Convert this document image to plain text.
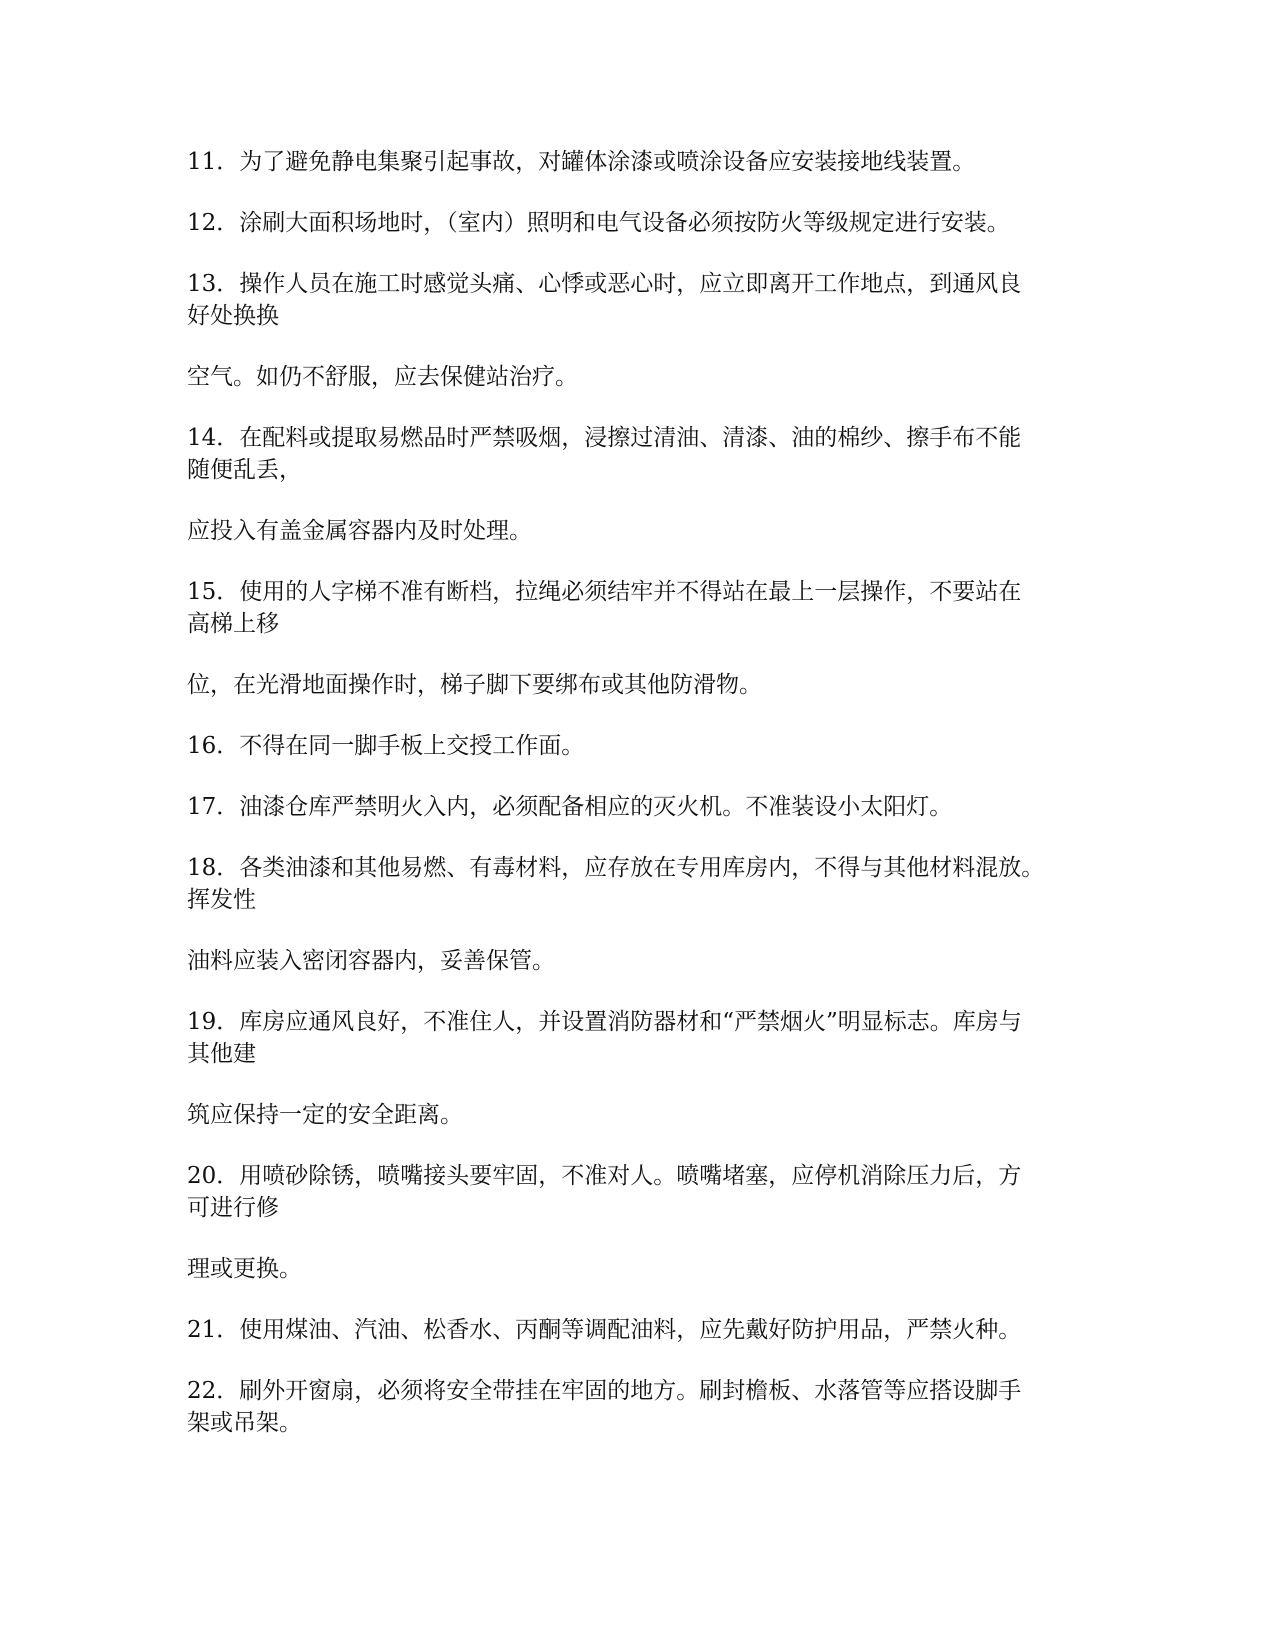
11．为了避免静电集聚引起事故，对罐体涂漆或喷涂设备应安装接地线装置。

12．涂刷大面积场地时，（室内）照明和电气设备必须按防火等级规定进行安装。

13．操作人员在施工时感觉头痛、心悸或恶心时，应立即离开工作地点，到通风良
好处换换

空气。如仍不舒服，应去保健站治疗。

14．在配料或提取易燃品时严禁吸烟，浸擦过清油、清漆、油的棉纱、擦手布不能
随便乱丢，

应投入有盖金属容器内及时处理。

15．使用的人字梯不准有断档，拉绳必须结牢并不得站在最上一层操作，不要站在
高梯上移

位，在光滑地面操作时，梯子脚下要绑布或其他防滑物。

16．不得在同一脚手板上交授工作面。

17．油漆仓库严禁明火入内，必须配备相应的灭火机。不准装设小太阳灯。

18．各类油漆和其他易燃、有毒材料，应存放在专用库房内，不得与其他材料混放。
挥发性

油料应装入密闭容器内，妥善保管。

19．库房应通风良好，不准住人，并设置消防器材和“严禁烟火”明显标志。库房与
其他建

筑应保持一定的安全距离。

20．用喷砂除锈，喷嘴接头要牢固，不准对人。喷嘴堵塞，应停机消除压力后，方
可进行修

理或更换。

21．使用煤油、汽油、松香水、丙酮等调配油料，应先戴好防护用品，严禁火种。

22．刷外开窗扇，必须将安全带挂在牢固的地方。刷封檐板、水落管等应搭设脚手
架或吊架。
